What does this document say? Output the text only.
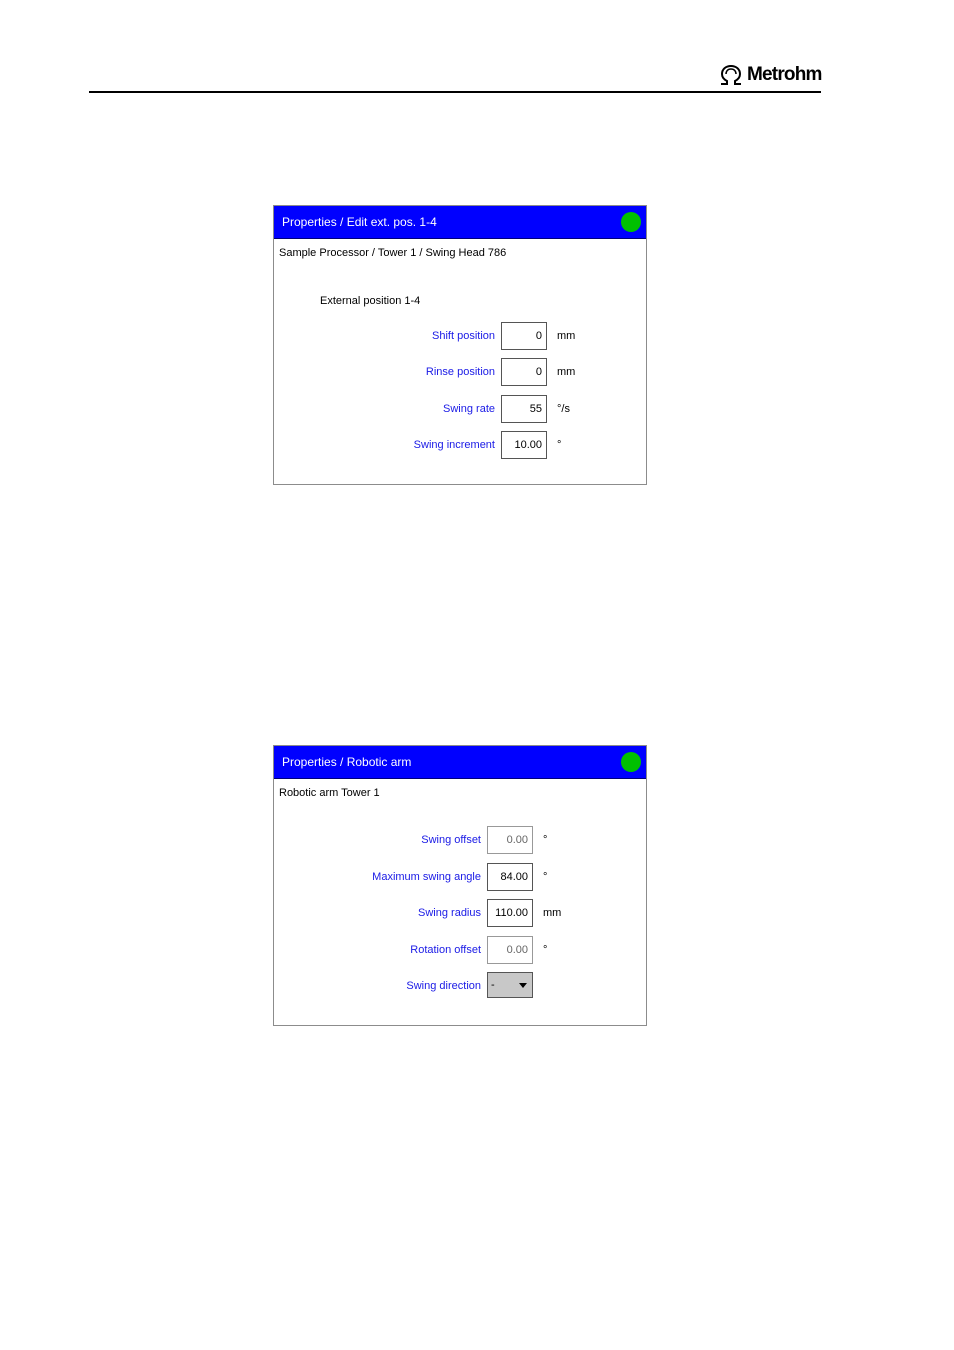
Metrohm
Properties / Edit ext. pos. 1-4
Sample Processor / Tower 1 / Swing Head 786
External position 1-4
Shift position	0	mm
Rinse position	0	mm
Swing rate	55	°/s
Swing increment	10.00	°
Properties / Robotic arm
Robotic arm Tower 1
Swing offset	0.00	°
Maximum swing angle	84.00	°
Swing radius	110.00	mm
Rotation offset	0.00	°
Swing direction -
